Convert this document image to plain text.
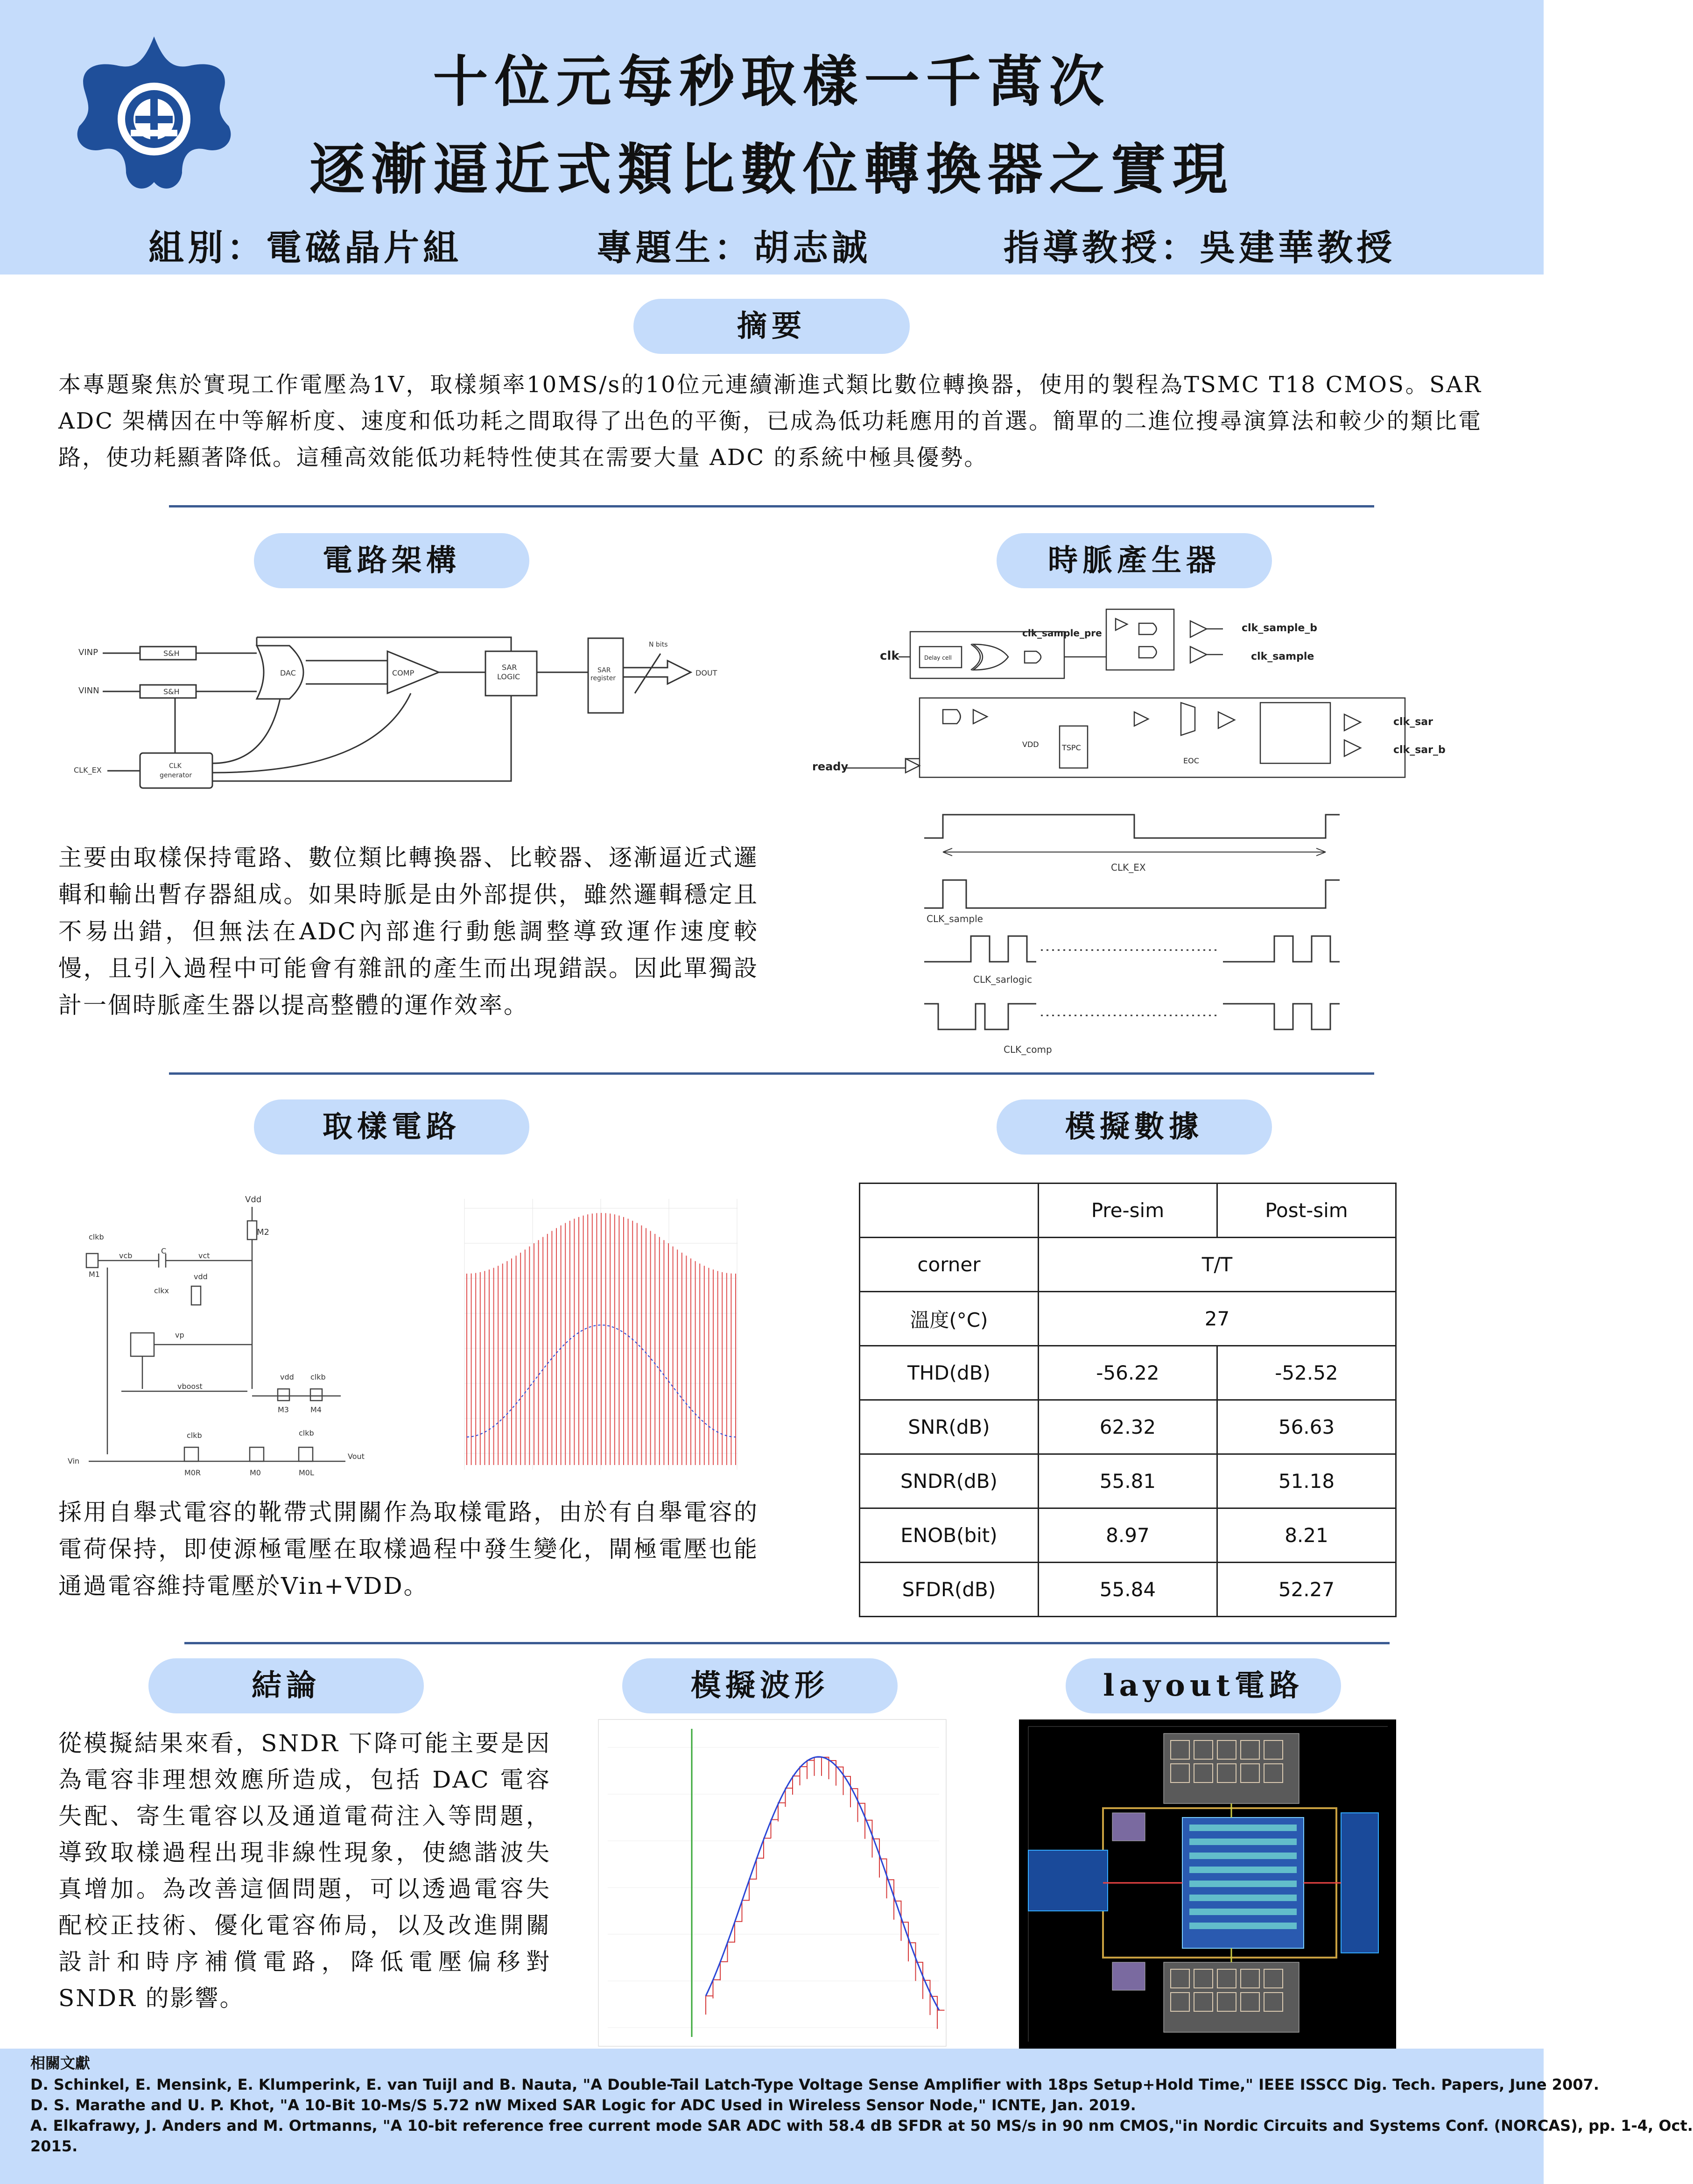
十位元每秒取樣一千萬次
逐漸逼近式類比數位轉換器之實現
組別：電磁晶片組	專題生：胡志誠	指導教授：吳建華教授
摘要
本專題聚焦於實現工作電壓為1V，取樣頻率10MS/s的10位元連續漸進式類比數位轉換器，使用的製程為TSMC T18 CMOS。SAR ADC 架構因在中等解析度、速度和低功耗之間取得了出色的平衡，已成為低功耗應用的首選。簡單的二進位搜尋演算法和較少的類比電路，使功耗顯著降低。這種高效能低功耗特性使其在需要大量 ADC 的系統中極具優勢。
電路架構
VINP
VINN
S&H
S&H
DAC	COMP
SAR
LOGIC
SAR
register
N bits
DOUT
CLK_EX	CLK
generator
主要由取樣保持電路、數位類比轉換器、比較器、逐漸逼近式邏輯和輸出暫存器組成。如果時脈是由外部提供，雖然邏輯穩定且不易出錯，但無法在ADC內部進行動態調整導致運作速度較慢，且引入過程中可能會有雜訊的產生而出現錯誤。因此單獨設計一個時脈產生器以提高整體的運作效率。
時脈產生器
clk	Delay cell
clk_sample_pre	clk_sample_b
clk_sample
VDD	TSPC
EOC
clk_sar
clk_sar_b
ready
CLK_EX
CLK_sample
CLK_sarlogic
CLK_comp
取樣電路
Vdd
M2
clkb
M1
vcb
C
vct
vdd
clkx
vp
vboost
vdd clkb
M3	M4
Vin
Vout
clkb	clkb
M0R	M0	M0L
採用自舉式電容的靴帶式開關作為取樣電路，由於有自舉電容的電荷保持，即使源極電壓在取樣過程中發生變化，閘極電壓也能通過電容維持電壓於Vin+VDD。
模擬數據
	Pre-sim	Post-sim
corner	T/T	
溫度(°C)	27	
THD(dB)	-56.22	-52.52
SNR(dB)	62.32	56.63
SNDR(dB)	55.81	51.18
ENOB(bit)	8.97	8.21
SFDR(dB)	55.84	52.27
結論
從模擬結果來看，SNDR 下降可能主要是因為電容非理想效應所造成，包括 DAC 電容失配、寄生電容以及通道電荷注入等問題，導致取樣過程出現非線性現象，使總諧波失真增加。為改善這個問題，可以透過電容失配校正技術、優化電容佈局，以及改進開關設計和時序補償電路，降低電壓偏移對 SNDR 的影響。
模擬波形	layout電路
相關文獻
D. Schinkel, E. Mensink, E. Klumperink, E. van Tuijl and B. Nauta, "A Double-Tail Latch-Type Voltage Sense Amplifier with 18ps Setup+Hold Time," IEEE ISSCC Dig. Tech. Papers, June 2007.
D. S. Marathe and U. P. Khot, "A 10-Bit 10-Ms/S 5.72 nW Mixed SAR Logic for ADC Used in Wireless Sensor Node," ICNTE, Jan. 2019.
A. Elkafrawy, J. Anders and M. Ortmanns, "A 10-bit reference free current mode SAR ADC with 58.4 dB SFDR at 50 MS/s in 90 nm CMOS,"in Nordic Circuits and Systems Conf. (NORCAS), pp. 1-4, Oct.
2015.
